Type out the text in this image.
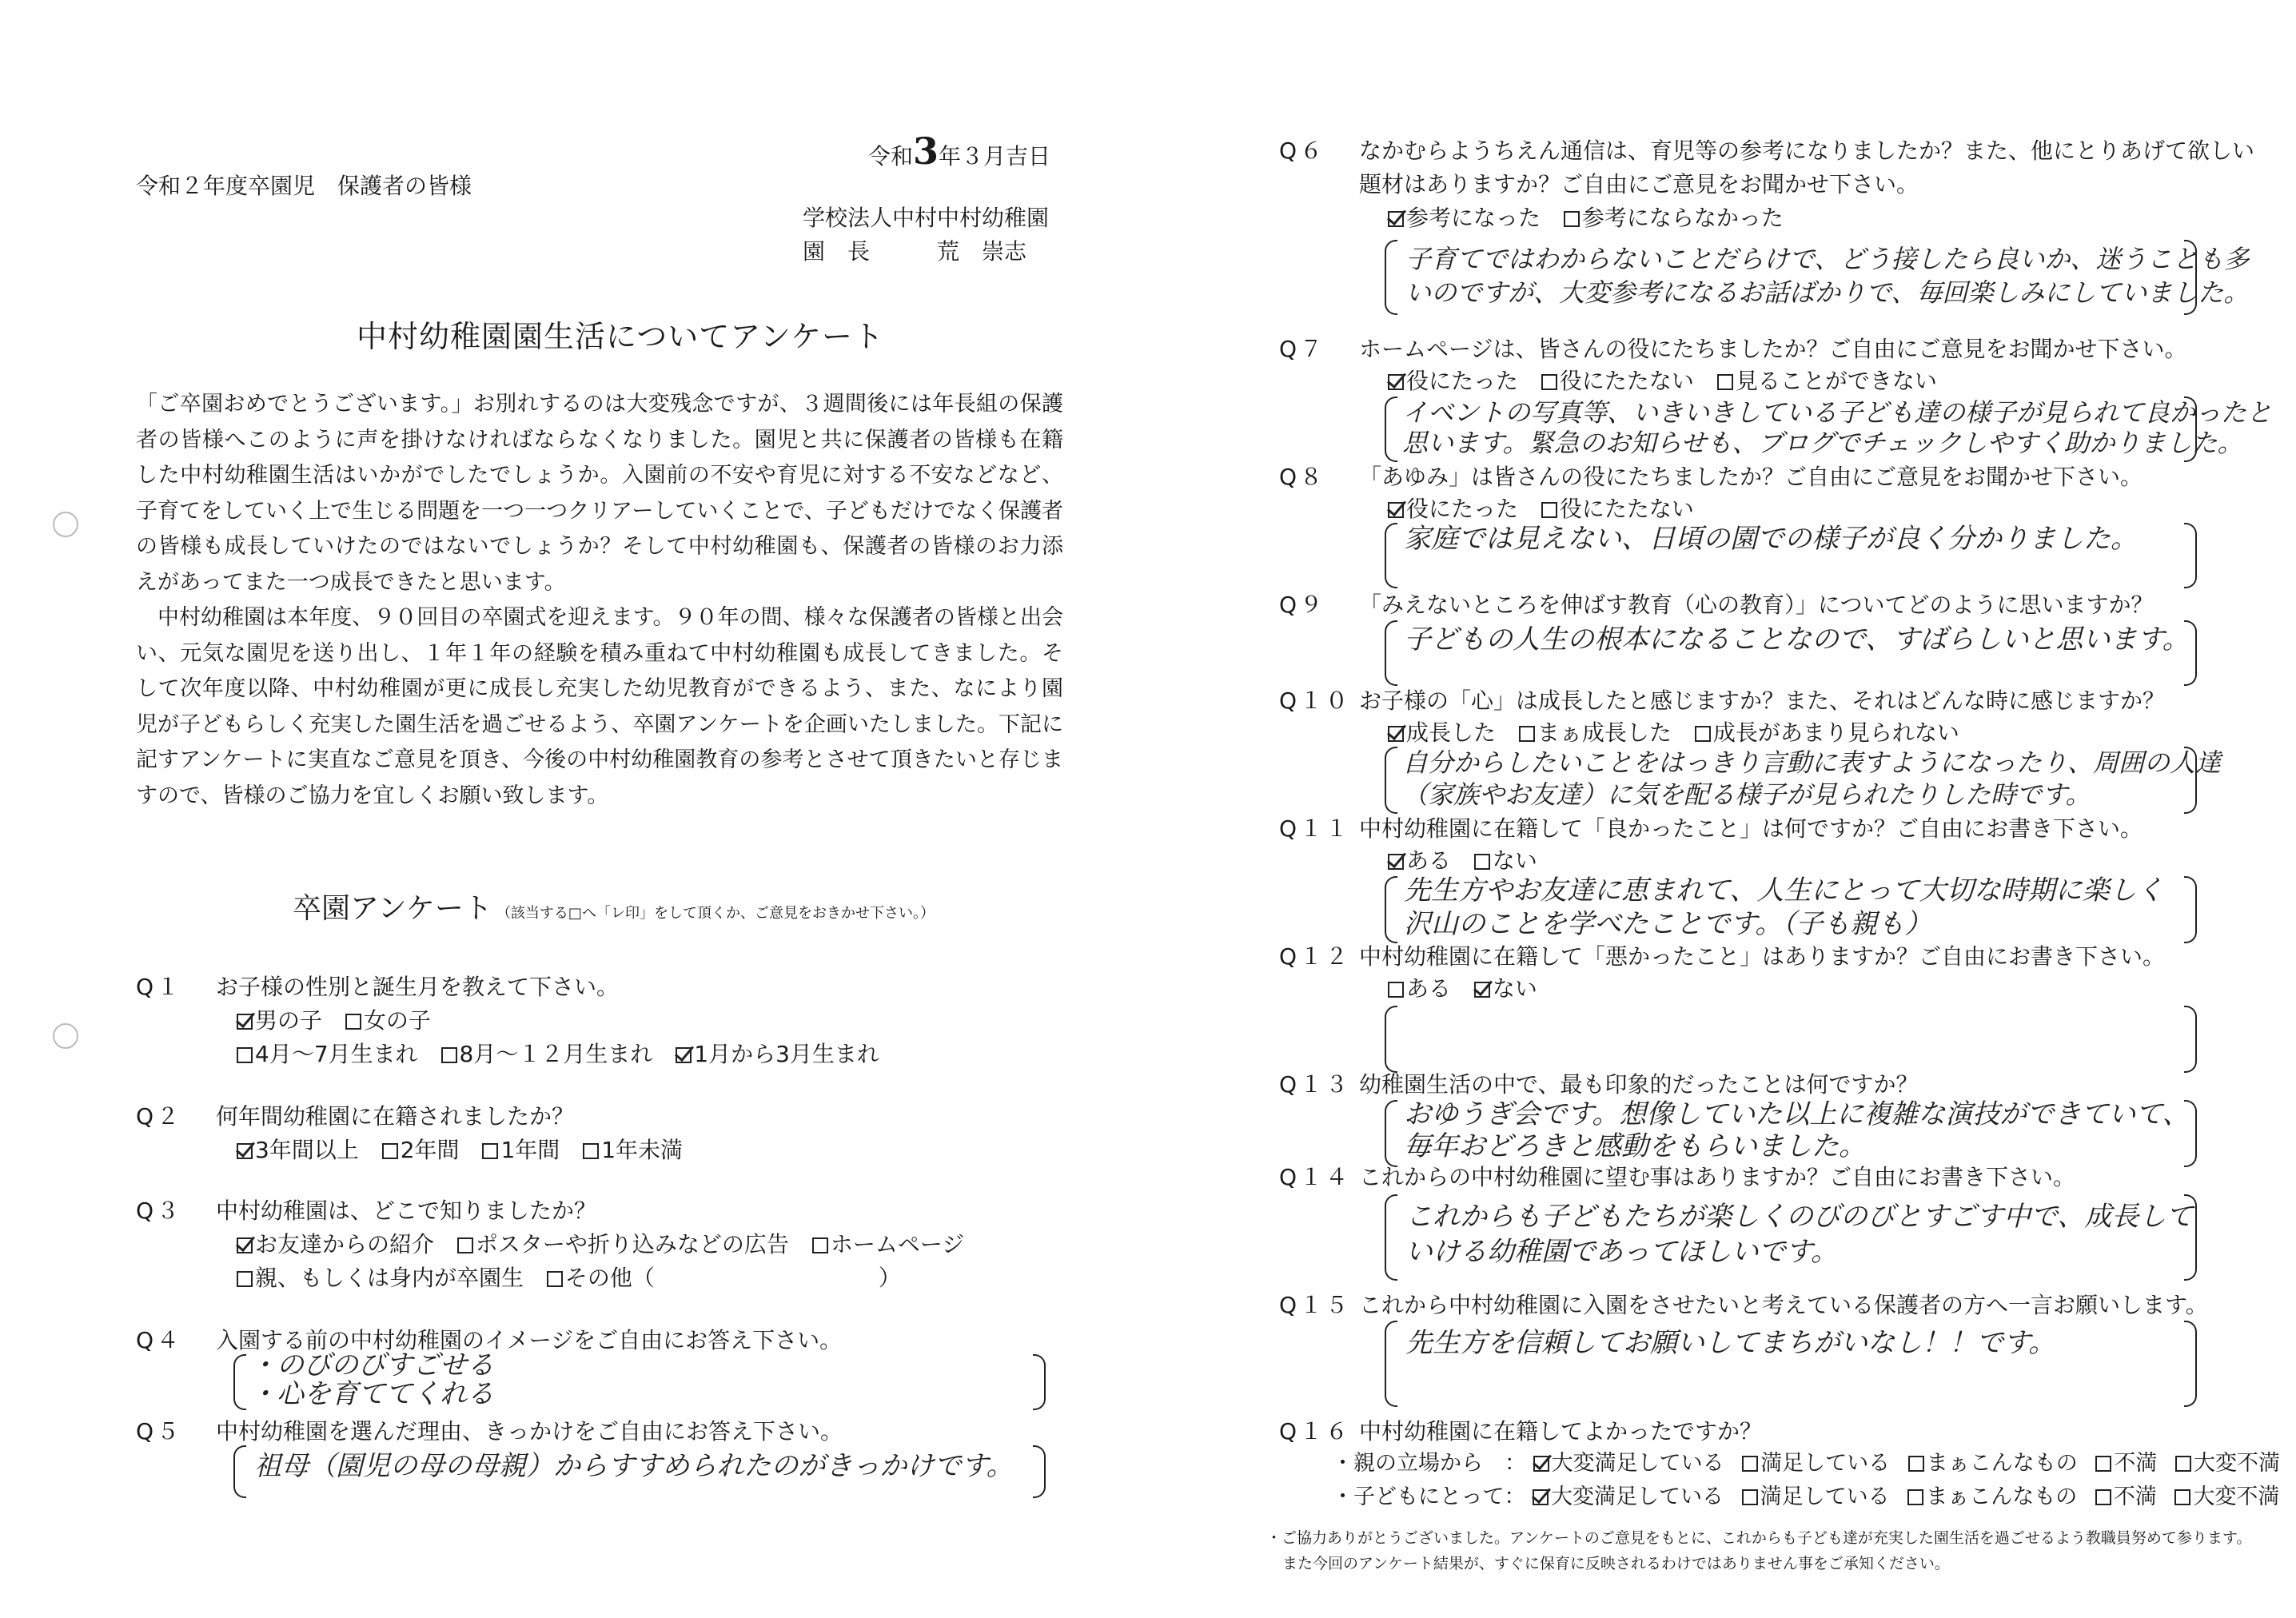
令和3年３月吉日
令和２年度卒園児　保護者の皆様
学校法人中村中村幼稚園
園　長　　　荒　崇志
中村幼稚園園生活についてアンケート

「ご卒園おめでとうございます。」お別れするのは大変残念ですが、３週間後には年長組の保護者の皆様へこのように声を掛けなければならなくなりました。園児と共に保護者の皆様も在籍した中村幼稚園生活はいかがでしたでしょうか。入園前の不安や育児に対する不安などなど、子育てをしていく上で生じる問題を一つ一つクリアーしていくことで、子どもだけでなく保護者の皆様も成長していけたのではないでしょうか？そして中村幼稚園も、保護者の皆様のお力添えがあってまた一つ成長できたと思います。

中村幼稚園は本年度、９０回目の卒園式を迎えます。９０年の間、様々な保護者の皆様と出会い、元気な園児を送り出し、１年１年の経験を積み重ねて中村幼稚園も成長してきました。そして次年度以降、中村幼稚園が更に成長し充実した幼児教育ができるよう、また、なにより園児が子どもらしく充実した園生活を過ごせるよう、卒園アンケートを企画いたしました。下記に記すアンケートに実直なご意見を頂き、今後の中村幼稚園教育の参考とさせて頂きたいと存じますので、皆様のご協力を宜しくお願い致します。

卒園アンケート （該当する□へ「レ印」をして頂くか、ご意見をおきかせ下さい。）
Q１ お子様の性別と誕生月を教えて下さい。
男の子 女の子
4月～7月生まれ 8月～１２月生まれ 1月から3月生まれ
Q２ 何年間幼稚園に在籍されましたか？
3年間以上 2年間 1年間 1年未満
Q３ 中村幼稚園は、どこで知りましたか？
お友達からの紹介 ポスターや折り込みなどの広告 ホームページ
親、もしくは身内が卒園生 その他（　　　　　　　　　　）
Q４ 入園する前の中村幼稚園のイメージをご自由にお答え下さい。
・のびのびすごせる
・心を育ててくれる
Q５ 中村幼稚園を選んだ理由、きっかけをご自由にお答え下さい。
祖母（園児の母の母親）からすすめられたのがきっかけです。
Q６ なかむらようちえん通信は、育児等の参考になりましたか？また、他にとりあげて欲しい
題材はありますか？ご自由にご意見をお聞かせ下さい。
参考になった 参考にならなかった
子育てではわからないことだらけで、どう接したら良いか、迷うことも多
いのですが、大変参考になるお話ばかりで、毎回楽しみにしていました。
Q７ ホームページは、皆さんの役にたちましたか？ご自由にご意見をお聞かせ下さい。
役にたった 役にたたない 見ることができない
イベントの写真等、いきいきしている子ども達の様子が見られて良かったと
思います。緊急のお知らせも、ブログでチェックしやすく助かりました。
Q８ 「あゆみ」は皆さんの役にたちましたか？ご自由にご意見をお聞かせ下さい。
役にたった 役にたたない
家庭では見えない、日頃の園での様子が良く分かりました。
Q９ 「みえないところを伸ばす教育（心の教育）」についてどのように思いますか？
子どもの人生の根本になることなので、すばらしいと思います。
Q１０ お子様の「心」は成長したと感じますか？また、それはどんな時に感じますか？
成長した まぁ成長した 成長があまり見られない
自分からしたいことをはっきり言動に表すようになったり、周囲の人達
（家族やお友達）に気を配る様子が見られたりした時です。
Q１１ 中村幼稚園に在籍して「良かったこと」は何ですか？ご自由にお書き下さい。
ある ない
先生方やお友達に恵まれて、人生にとって大切な時期に楽しく
沢山のことを学べたことです。（子も親も）
Q１２ 中村幼稚園に在籍して「悪かったこと」はありますか？ご自由にお書き下さい。
ある ない
Q１３ 幼稚園生活の中で、最も印象的だったことは何ですか？
おゆうぎ会です。想像していた以上に複雑な演技ができていて、
毎年おどろきと感動をもらいました。
Q１４ これからの中村幼稚園に望む事はありますか？ご自由にお書き下さい。
これからも子どもたちが楽しくのびのびとすごす中で、成長して
いける幼稚園であってほしいです。
Q１５ これから中村幼稚園に入園をさせたいと考えている保護者の方へ一言お願いします。
先生方を信頼してお願いしてまちがいなし！！です。
Q１６ 中村幼稚園に在籍してよかったですか？
・親の立場から　： 大変満足している 満足している まぁこんなもの 不満 大変不満
・子どもにとって： 大変満足している 満足している まぁこんなもの 不満 大変不満
・ご協力ありがとうございました。アンケートのご意見をもとに、これからも子ども達が充実した園生活を過ごせるよう教職員努めて参ります。
また今回のアンケート結果が、すぐに保育に反映されるわけではありません事をご承知ください。
